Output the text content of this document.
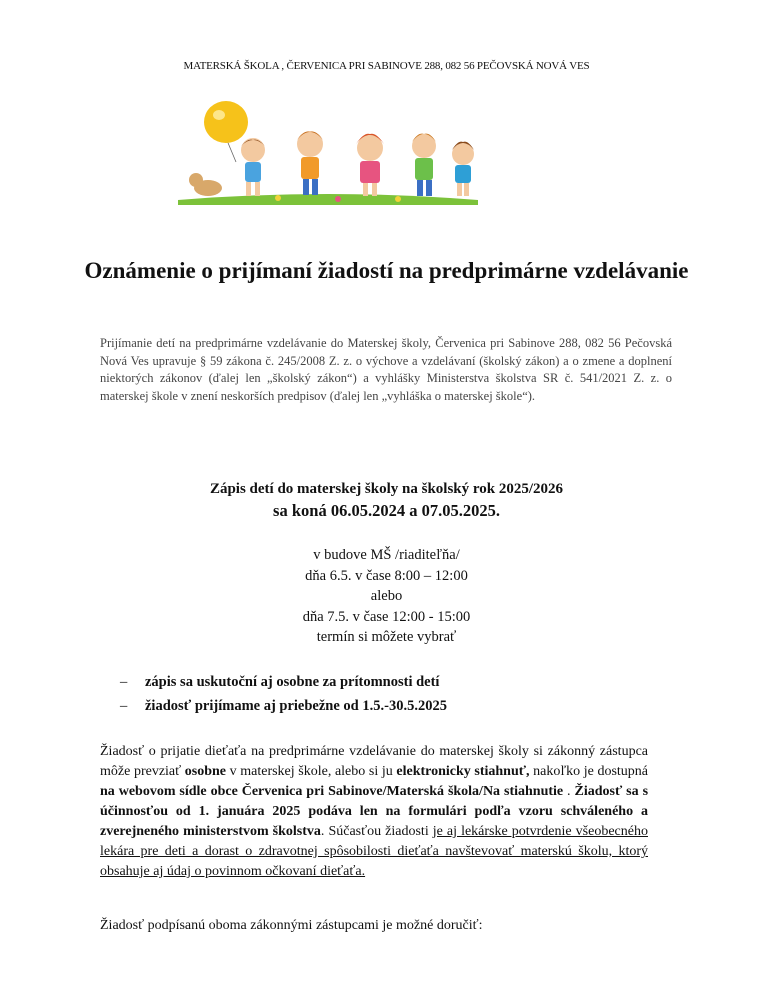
MATERSKÁ ŠKOLA , ČERVENICA PRI SABINOVE 288, 082 56 PEČOVSKÁ NOVÁ VES
Oznámenie o prijímaní žiadostí na predprimárne vzdelávanie
Prijímanie detí na predprimárne vzdelávanie do Materskej školy, Červenica pri Sabinove 288, 082 56 Pečovská Nová Ves upravuje § 59 zákona č. 245/2008 Z. z. o výchove a vzdelávaní (školský zákon) a o zmene a doplnení niektorých zákonov (ďalej len „školský zákon“) a vyhlášky Ministerstva školstva SR č. 541/2021 Z. z. o materskej škole v znení neskorších predpisov (ďalej len „vyhláška o materskej škole“).
Zápis detí do materskej školy na školský rok 2025/2026
sa koná 06.05.2024 a 07.05.2025.
v budove MŠ /riaditeľňa/
dňa 6.5. v čase 8:00 – 12:00
alebo
dňa 7.5. v čase 12:00 - 15:00
termín si môžete vybrať
– zápis sa uskutoční aj osobne za prítomnosti detí
– žiadosť prijímame aj priebežne od 1.5.-30.5.2025
Žiadosť o prijatie dieťaťa na predprimárne vzdelávanie do materskej školy si zákonný zástupca môže prevziať osobne v materskej škole, alebo si ju elektronicky stiahnuť, nakoľko je dostupná na webovom sídle obce Červenica pri Sabinove/Materská škola/Na stiahnutie . Žiadosť sa s účinnosťou od 1. januára 2025 podáva len na formulári podľa vzoru schváleného a zverejneného ministerstvom školstva. Súčasťou žiadosti je aj lekárske potvrdenie všeobecného lekára pre deti a dorast o zdravotnej spôsobilosti dieťaťa navštevovať materskú školu, ktorý obsahuje aj údaj o povinnom očkovaní dieťaťa.
Žiadosť podpísanú oboma zákonnými zástupcami je možné doručiť:
